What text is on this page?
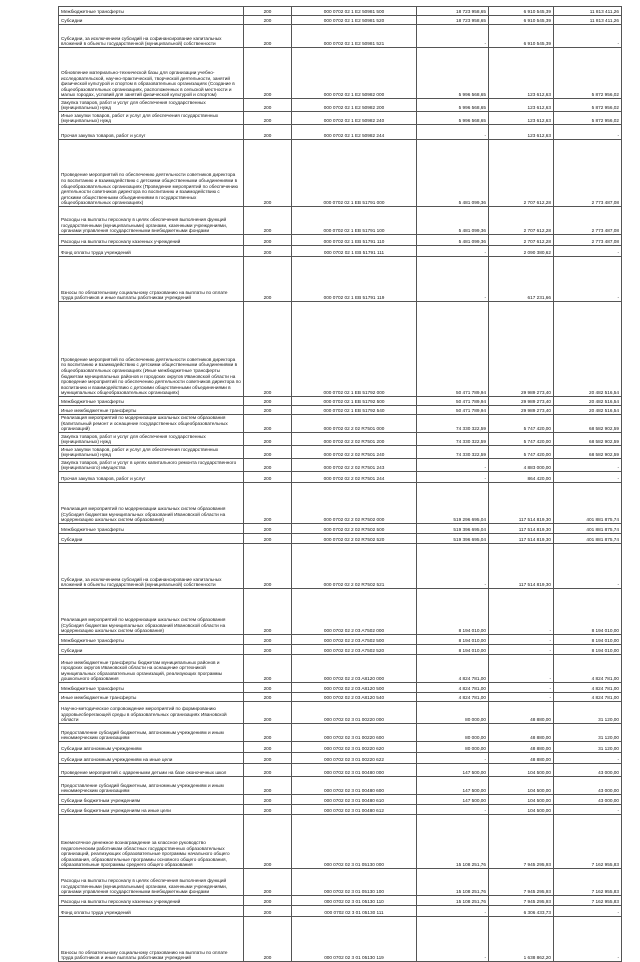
Межбюджетные трансферты	200	000 0702 02 1 E2 50981 500	18 723 958,65	6 910 545,39	11 813 411,26
Субсидии	200	000 0702 02 1 E2 50981 520	18 723 958,65	6 910 545,39	11 813 411,26
Субсидии, за исключением субсидий на софинансирование капитальных вложений в объекты государственной (муниципальной) собственности	200	000 0702 02 1 E2 50981 521	-	6 910 545,39	-
Обновление материально-технической базы для организации учебно-исследовательской, научно-практической, творческой деятельности, занятий физической культурой и спортом в образовательных организациях (Создание в общеобразовательных организациях, расположенных в сельской местности и малых городах, условий для занятий физической культурой и спортом)	200	000 0702 02 1 E2 50982 000	5 996 568,65	123 612,63	5 872 956,02
Закупка товаров, работ и услуг для обеспечения государственных (муниципальных) нужд	200	000 0702 02 1 E2 50982 200	5 996 568,65	123 612,63	5 872 956,02
Иные закупки товаров, работ и услуг для обеспечения государственных (муниципальных) нужд	200	000 0702 02 1 E2 50982 240	5 996 568,65	123 612,63	5 872 956,02
Прочая закупка товаров, работ и услуг	200	000 0702 02 1 E2 50982 244	-	123 612,63	-
Проведение мероприятий по обеспечению деятельности советников директора по воспитанию и взаимодействию с детскими общественными объединениями в общеобразовательных организациях (Проведение мероприятий по обеспечению деятельности советников директора по воспитанию и взаимодействию с детскими общественными объединениями в государственных общеобразовательных организациях)	200	000 0702 02 1 EВ 51791 000	5 481 099,36	2 707 612,28	2 773 487,08
Расходы на выплаты персоналу в целях обеспечения выполнения функций государственными (муниципальными) органами, казенными учреждениями, органами управления государственными внебюджетными фондами	200	000 0702 02 1 EВ 51791 100	5 481 099,36	2 707 612,28	2 773 487,08
Расходы на выплаты персоналу казенных учреждений	200	000 0702 02 1 EВ 51791 110	5 481 099,36	2 707 612,28	2 773 487,08
Фонд оплаты труда учреждений	200	000 0702 02 1 EВ 51791 111	-	2 090 380,62	-
Взносы по обязательному социальному страхованию на выплаты по оплате труда работников и иные выплаты работникам учреждений	200	000 0702 02 1 EВ 51791 119	-	617 231,66	-
Проведение мероприятий по обеспечению деятельности советников директора по воспитанию и взаимодействию с детскими общественными объединениями в общеобразовательных организациях (Иные межбюджетные трансферты бюджетам муниципальных районов и городских округов Ивановской области на проведение мероприятий по обеспечению деятельности советников директора по воспитанию и взаимодействию с детскими общественными объединениями в муниципальных общеобразовательных организациях)	200	000 0702 02 1 EВ 51792 000	50 471 789,94	29 989 273,40	20 482 516,54
Межбюджетные трансферты	200	000 0702 02 1 EВ 51792 500	50 471 789,94	29 989 273,40	20 482 516,54
Иные межбюджетные трансферты	200	000 0702 02 1 EВ 51792 540	50 471 789,94	29 989 273,40	20 482 516,54
Реализация мероприятий по модернизации школьных систем образования (Капитальный ремонт и оснащение государственных общеобразовательных организаций)	200	000 0702 02 2 02 R7501 000	74 330 322,59	5 747 420,00	68 582 902,59
Закупка товаров, работ и услуг для обеспечения государственных (муниципальных) нужд	200	000 0702 02 2 02 R7501 200	74 330 322,59	5 747 420,00	68 582 902,59
Иные закупки товаров, работ и услуг для обеспечения государственных (муниципальных) нужд	200	000 0702 02 2 02 R7501 240	74 330 322,59	5 747 420,00	68 582 902,59
Закупка товаров, работ и услуг в целях капитального ремонта государственного (муниципального) имущества	200	000 0702 02 2 02 R7501 243	-	4 883 000,00	-
Прочая закупка товаров, работ и услуг	200	000 0702 02 2 02 R7501 244	-	864 420,00	-
Реализация мероприятий по модернизации школьных систем образования (Субсидия бюджетам муниципальных образований Ивановской области на модернизацию школьных систем образования)	200	000 0702 02 2 02 R7502 000	519 296 695,04	117 514 819,30	401 881 875,74
Межбюджетные трансферты	200	000 0702 02 2 02 R7502 500	519 396 695,04	117 514 819,30	401 881 875,74
Субсидии	200	000 0702 02 2 02 R7502 520	519 396 695,04	117 514 819,30	401 881 875,74
Субсидии, за исключением субсидий на софинансирование капитальных вложений в объекты государственной (муниципальной) собственности	200	000 0702 02 2 02 R7502 521	-	117 514 819,30	-
Реализация мероприятий по модернизации школьных систем образования (Субсидия бюджетам муниципальных образований Ивановской области на модернизацию школьных систем образования)	200	000 0702 02 2 03 A7502 000	8 194 010,00	-	8 194 010,00
Межбюджетные трансферты	200	000 0702 02 2 03 A7502 500	8 194 010,00	-	8 194 010,00
Субсидии	200	000 0702 02 2 03 A7502 520	8 194 010,00	-	8 194 010,00
Иные межбюджетные трансферты бюджетам муниципальных районов и городских округов Ивановской области на оснащение оргтехникой муниципальных образовательных организаций, реализующих программы дошкольного образования	200	000 0702 02 2 03 A8120 000	4 824 781,00	-	4 824 781,00
Межбюджетные трансферты	200	000 0702 02 2 03 A8120 500	4 824 781,00	-	4 824 781,00
Иные межбюджетные трансферты	200	000 0702 02 2 03 A8120 540	4 824 781,00	-	4 824 781,00
Научно-методическое сопровождение мероприятий по формированию здоровьесберегающей среды в образовательных организациях Ивановской области	200	000 0702 02 3 01 00220 000	80 000,00	48 880,00	31 120,00
Предоставление субсидий бюджетным, автономным учреждениям и иным некоммерческим организациям	200	000 0702 02 3 01 00220 600	80 000,00	48 880,00	31 120,00
Субсидии автономным учреждениям	200	000 0702 02 3 01 00220 620	80 000,00	48 880,00	31 120,00
Субсидии автономным учреждениям на иные цели	200	000 0702 02 3 01 00220 622	-	48 880,00	-
Проведение мероприятий с одаренными детьми на базе оконочечных школ	200	000 0702 02 3 01 00480 000	147 500,00	104 500,00	43 000,00
Предоставление субсидий бюджетным, автономным учреждениям и иным некоммерческим организациям	200	000 0702 02 3 01 00480 600	147 500,00	104 500,00	43 000,00
Субсидии бюджетным учреждениям	200	000 0702 02 3 01 00480 610	147 500,00	104 500,00	43 000,00
Субсидии бюджетным учреждениям на иные цели	200	000 0702 02 3 01 00480 612	-	104 500,00	-
Ежемесячное денежное вознаграждение за классное руководство педагогическим работникам областных государственных образовательных организаций, реализующих образовательные программы начального общего образования, образовательные программы основного общего образования, образовательные программы среднего общего образования	200	000 0702 02 3 01 05130 000	15 108 251,76	7 945 295,93	7 162 955,83
Расходы на выплаты персоналу в целях обеспечения выполнения функций государственными (муниципальными) органами, казенными учреждениями, органами управления государственными внебюджетными фондами	200	000 0702 02 3 01 05130 100	15 108 251,76	7 945 295,93	7 162 955,83
Расходы на выплаты персоналу казенных учреждений	200	000 0702 02 3 01 05130 110	15 108 251,76	7 945 295,93	7 162 955,83
Фонд оплаты труда учреждений	200	000 0702 02 3 01 05130 111	-	6 306 433,73	-
Взносы по обязательному социальному страхованию на выплаты по оплате труда работников и иные выплаты работникам учреждений	200	000 0702 02 3 01 05130 119	-	1 638 862,20	-
